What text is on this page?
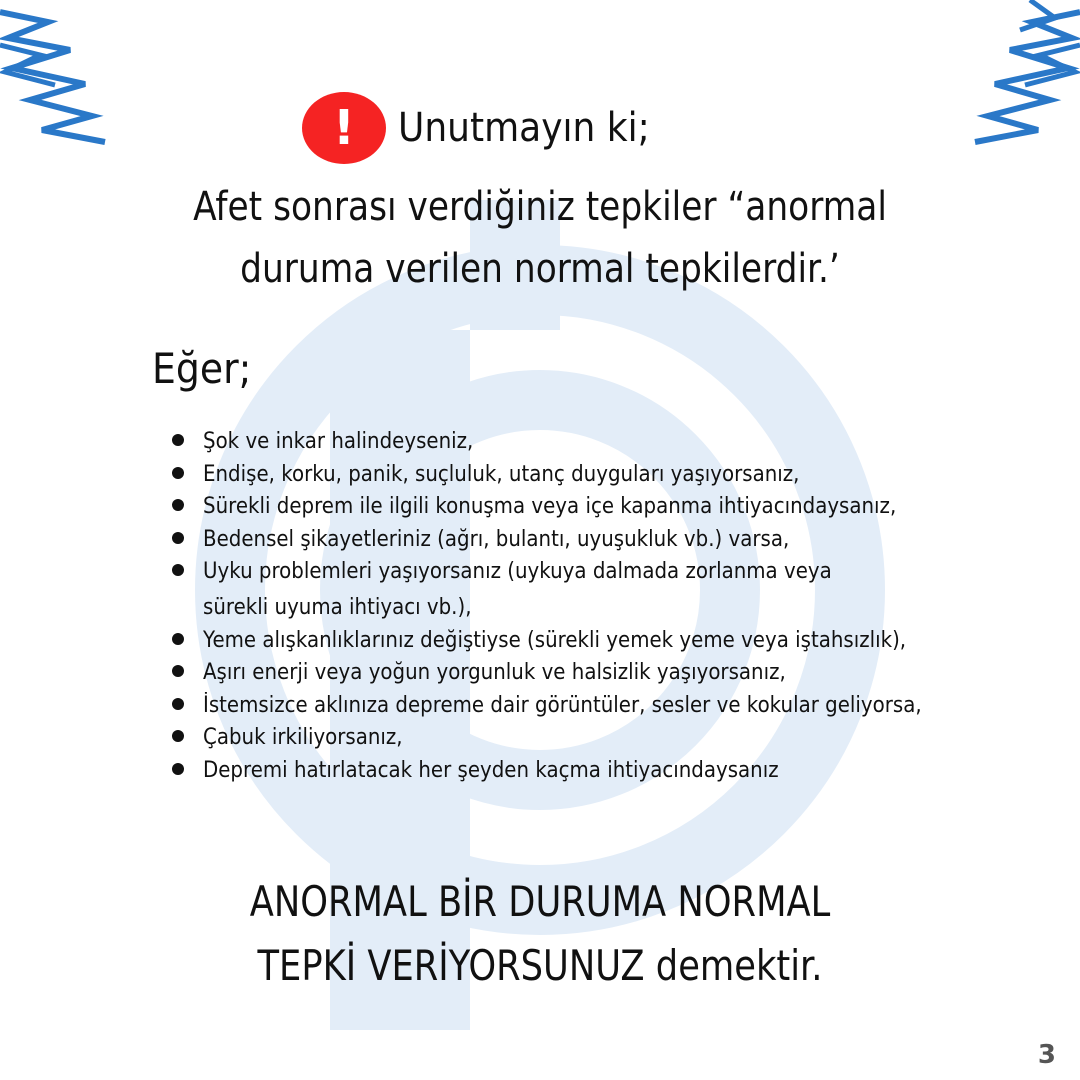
!	Unutmayın ki;
Afet sonrası verdiğiniz tepkiler “anormal
duruma verilen normal tepkilerdir.’
Eğer;
Şok ve inkar halindeyseniz,
Endişe, korku, panik, suçluluk, utanç duyguları yaşıyorsanız,
Sürekli deprem ile ilgili konuşma veya içe kapanma ihtiyacındaysanız,
Bedensel şikayetleriniz (ağrı, bulantı, uyuşukluk vb.) varsa,
Uyku problemleri yaşıyorsanız (uykuya dalmada zorlanma veya
sürekli uyuma ihtiyacı vb.),
Yeme alışkanlıklarınız değiştiyse (sürekli yemek yeme veya iştahsızlık),
Aşırı enerji veya yoğun yorgunluk ve halsizlik yaşıyorsanız,
İstemsizce aklınıza depreme dair görüntüler, sesler ve kokular geliyorsa,
Çabuk irkiliyorsanız,
Depremi hatırlatacak her şeyden kaçma ihtiyacındaysanız
ANORMAL BİR DURUMA NORMAL
TEPKİ VERİYORSUNUZ demektir.
3
